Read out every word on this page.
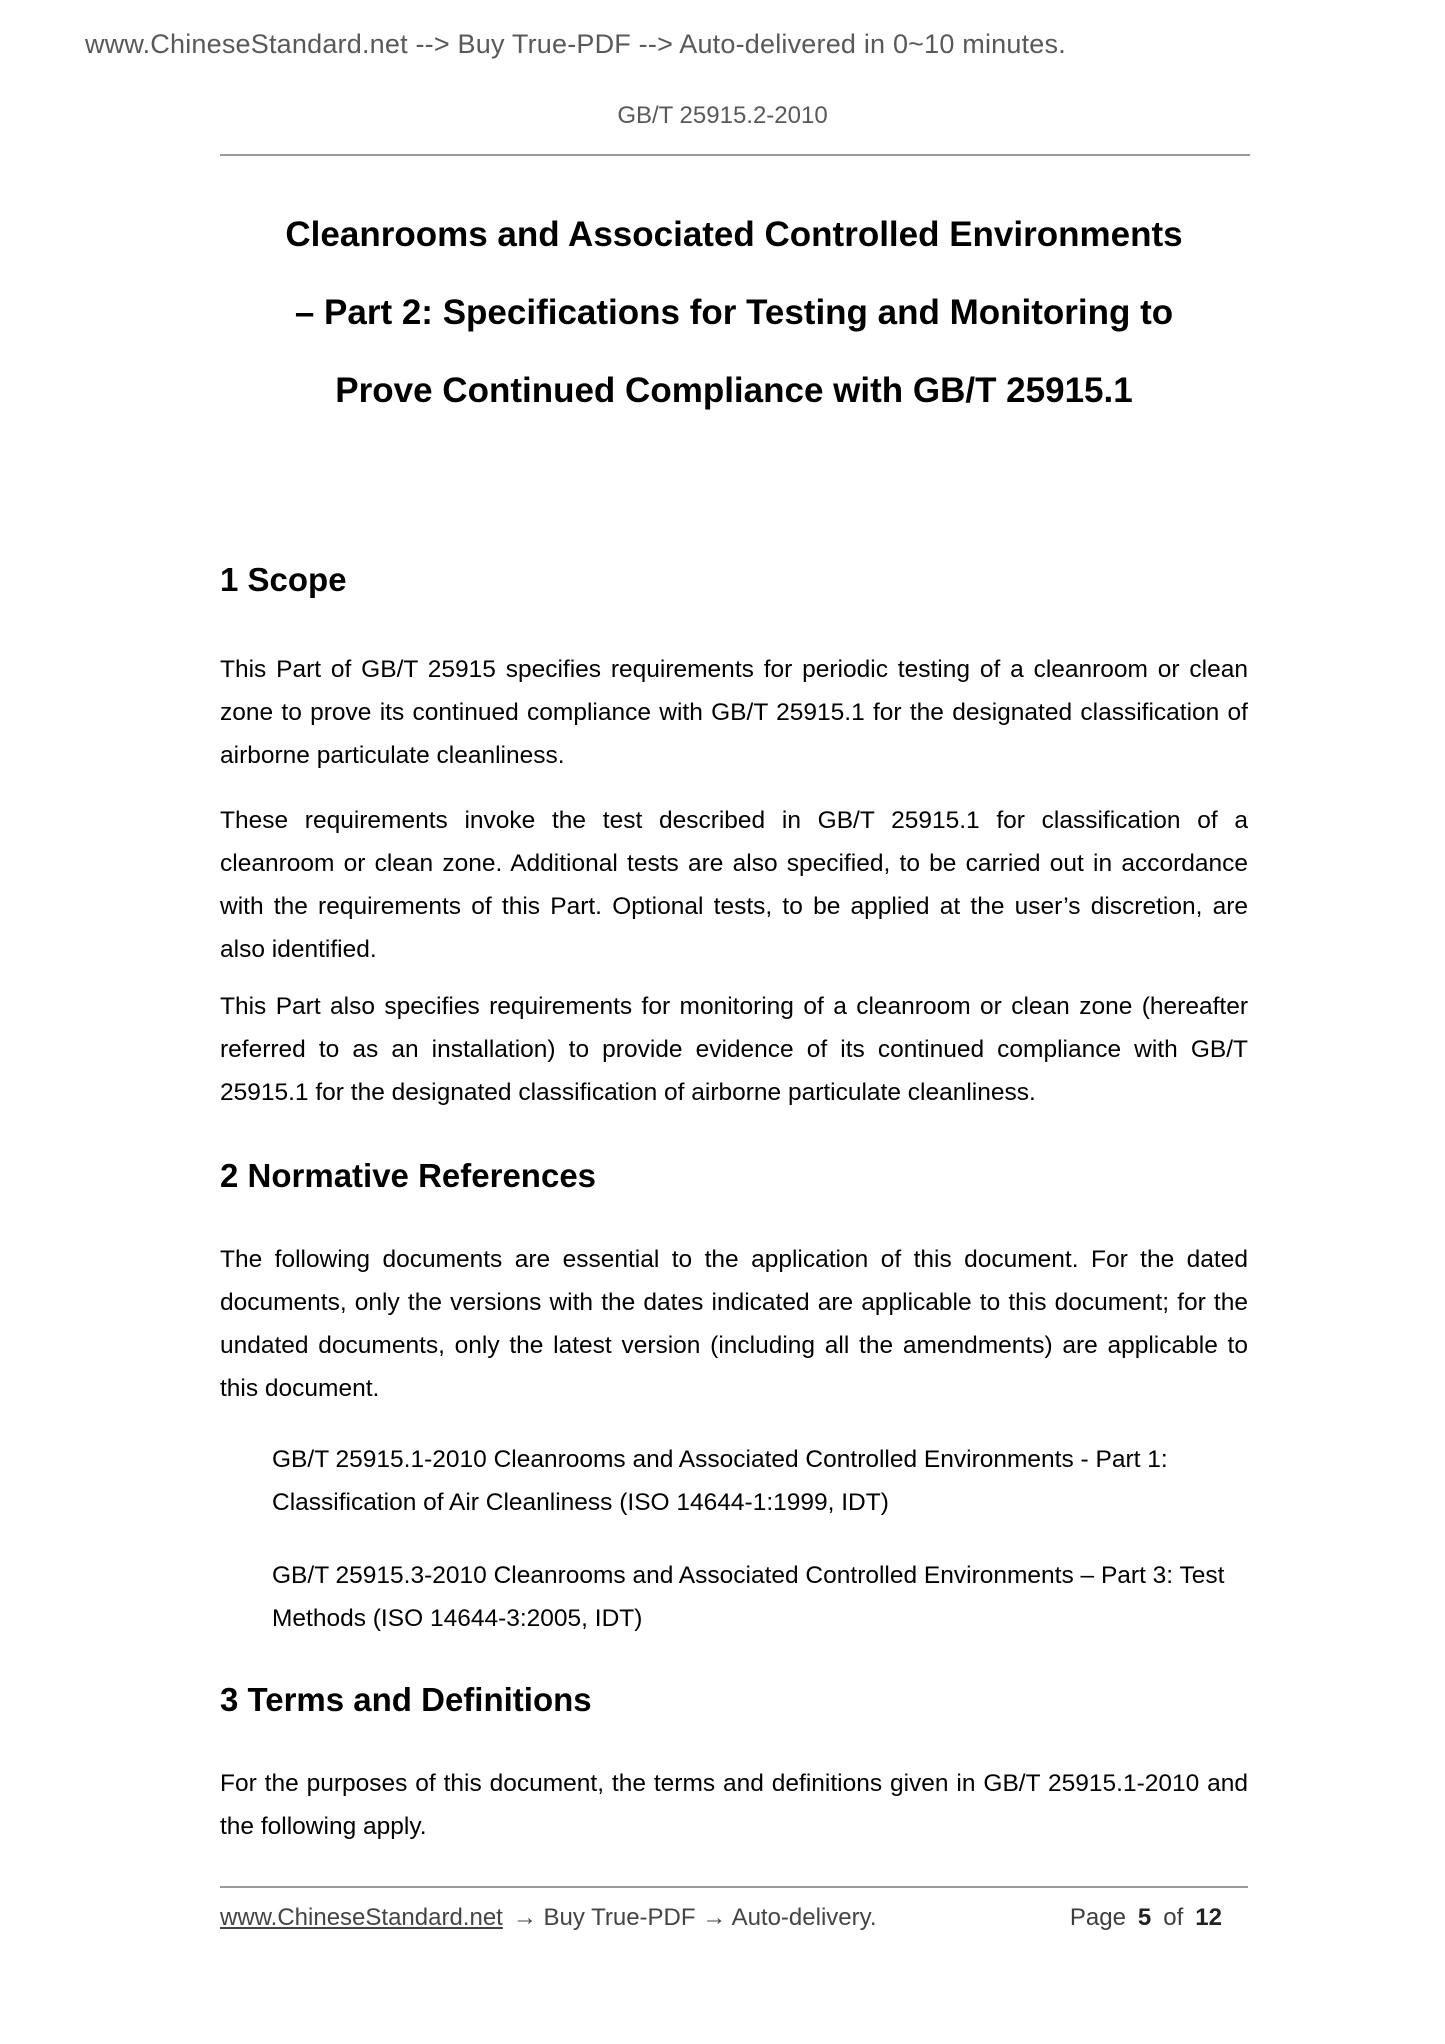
www.ChineseStandard.net --> Buy True-PDF --> Auto-delivered in 0~10 minutes.
GB/T 25915.2-2010
Cleanrooms and Associated Controlled Environments
– Part 2: Specifications for Testing and Monitoring to
Prove Continued Compliance with GB/T 25915.1
1 Scope

This Part of GB/T 25915 specifies requirements for periodic testing of a cleanroom or clean zone to prove its continued compliance with GB/T 25915.1 for the designated classification of airborne particulate cleanliness.

These requirements invoke the test described in GB/T 25915.1 for classification of a cleanroom or clean zone. Additional tests are also specified, to be carried out in accordance with the requirements of this Part. Optional tests, to be applied at the user’s discretion, are also identified.

This Part also specifies requirements for monitoring of a cleanroom or clean zone (hereafter referred to as an installation) to provide evidence of its continued compliance with GB/T 25915.1 for the designated classification of airborne particulate cleanliness.

2 Normative References

The following documents are essential to the application of this document. For the dated documents, only the versions with the dates indicated are applicable to this document; for the undated documents, only the latest version (including all the amendments) are applicable to this document.

GB/T 25915.1-2010 Cleanrooms and Associated Controlled Environments - Part 1: Classification of Air Cleanliness (ISO 14644-1:1999, IDT)

GB/T 25915.3-2010 Cleanrooms and Associated Controlled Environments – Part 3: Test Methods (ISO 14644-3:2005, IDT)

3 Terms and Definitions

For the purposes of this document, the terms and definitions given in GB/T 25915.1-2010 and the following apply.

www.ChineseStandard.net → Buy True-PDF → Auto-delivery.	Page 5 of 12
